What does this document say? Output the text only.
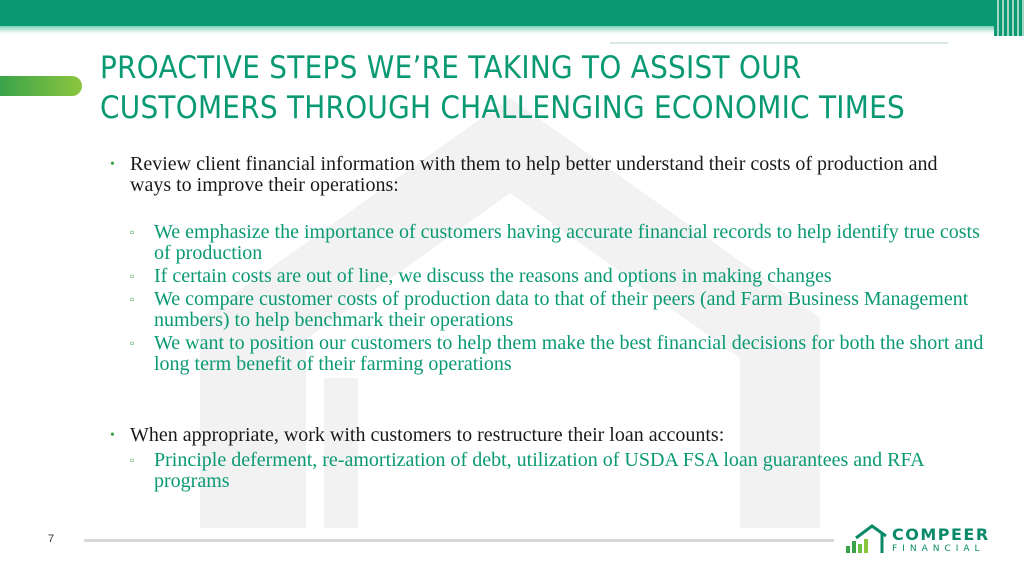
PROACTIVE STEPS WE’RE TAKING TO ASSIST OUR
CUSTOMERS THROUGH CHALLENGING ECONOMIC TIMES
• Review client financial information with them to help better understand their costs of production and ways to improve their operations:
▫ We emphasize the importance of customers having accurate financial records to help identify true costs of production
▫ If certain costs are out of line, we discuss the reasons and options in making changes
▫ We compare customer costs of production data to that of their peers (and Farm Business Management numbers) to help benchmark their operations
▫ We want to position our customers to help them make the best financial decisions for both the short and long term benefit of their farming operations
• When appropriate, work with customers to restructure their loan accounts:
▫ Principle deferment, re-amortization of debt, utilization of USDA FSA loan guarantees and RFA programs
7	COMPEER
FINANCIAL
